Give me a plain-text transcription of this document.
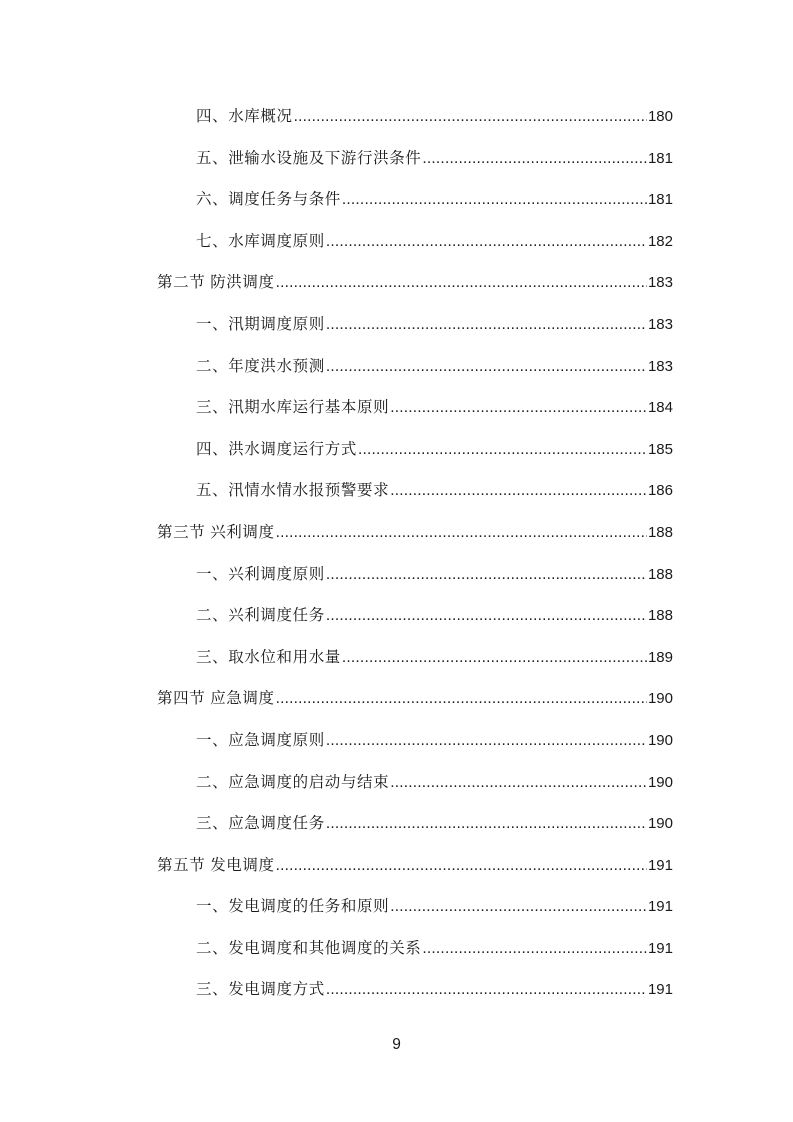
四、水库概况 .....	180
五、泄输水设施及下游行洪条件 .....	181
六、调度任务与条件 .....	181
七、水库调度原则 .....	182
第二节 防洪调度 .....	183
一、汛期调度原则 .....	183
二、年度洪水预测 .....	183
三、汛期水库运行基本原则 .....	184
四、洪水调度运行方式 .....	185
五、汛情水情水报预警要求 .....	186
第三节 兴利调度 .....	188
一、兴利调度原则 .....	188
二、兴利调度任务 .....	188
三、取水位和用水量 .....	189
第四节 应急调度 .....	190
一、应急调度原则 .....	190
二、应急调度的启动与结束 .....	190
三、应急调度任务 .....	190
第五节 发电调度 .....	191
一、发电调度的任务和原则 .....	191
二、发电调度和其他调度的关系 .....	191
三、发电调度方式 .....	191
9
